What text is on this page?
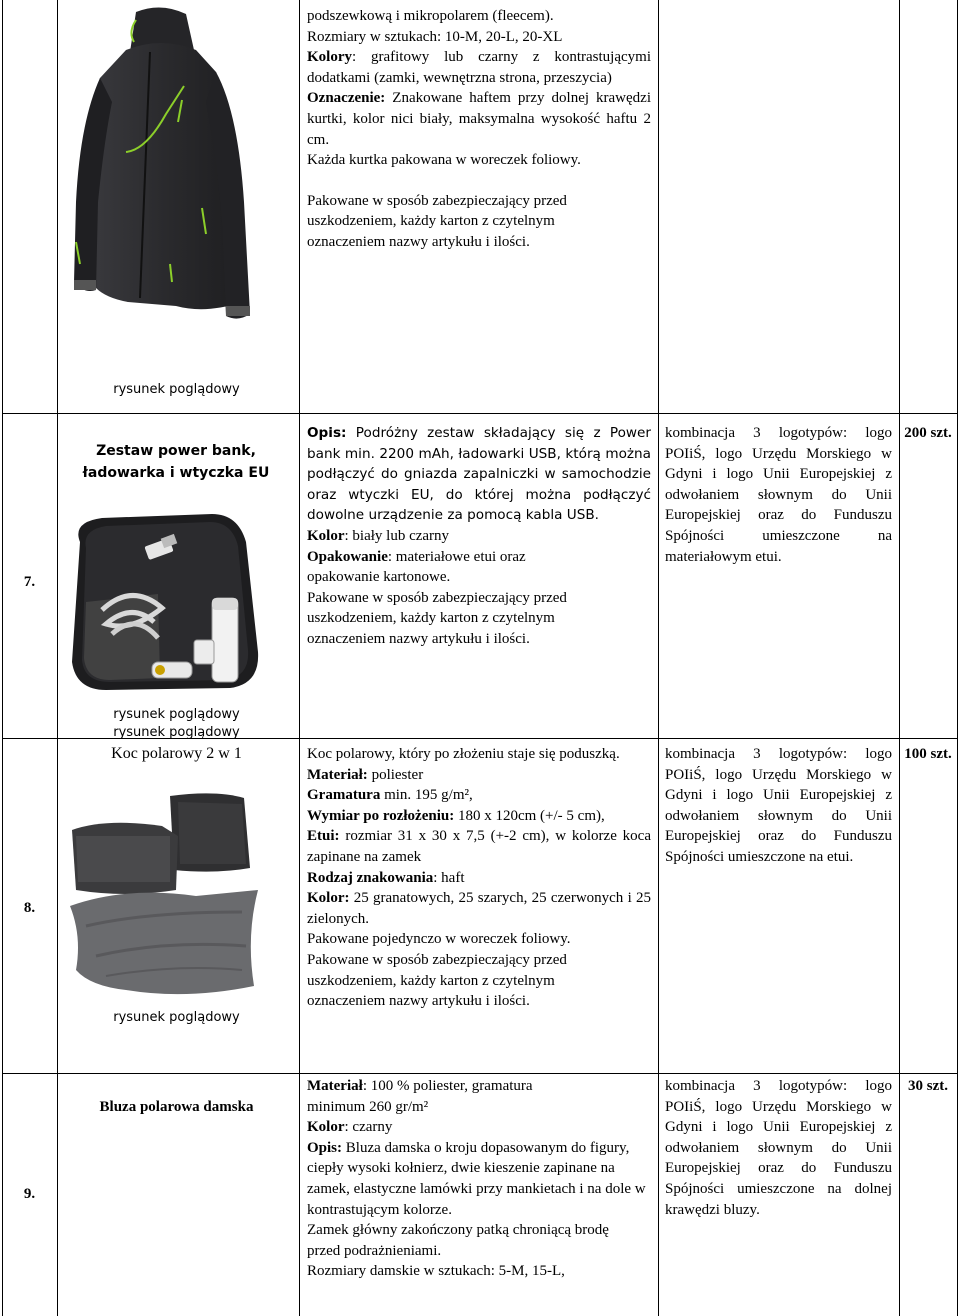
rysunek poglądowy

podszewkową i mikropolarem (fleecem).

Rozmiary w sztukach: 10-M, 20-L, 20-XL

Kolory: grafitowy lub czarny z kontrastującymi dodatkami (zamki, wewnętrzna strona, przeszycia)

Oznaczenie: Znakowane haftem przy dolnej krawędzi kurtki, kolor nici biały, maksymalna wysokość haftu 2 cm.

Każda kurtka pakowana w woreczek foliowy.

Pakowane w sposób zabezpieczający przed uszkodzeniem, każdy karton z czytelnym oznaczeniem nazwy artykułu i ilości.

7.
Zestaw power bank, ładowarka i wtyczka EU
rysunek poglądowy

Opis: Podróżny zestaw składający się z Power bank min. 2200 mAh, ładowarki USB, którą można podłączyć do gniazda zapalniczki w samochodzie oraz wtyczki EU, do której można podłączyć dowolne urządzenie za pomocą kabla USB.

Kolor: biały lub czarny

Opakowanie: materiałowe etui oraz opakowanie kartonowe.

Pakowane w sposób zabezpieczający przed uszkodzeniem, każdy karton z czytelnym oznaczeniem nazwy artykułu i ilości.

kombinacja 3 logotypów: logo POIiŚ, logo Urzędu Morskiego w Gdyni i logo Unii Europejskiej z odwołaniem słownym do Unii Europejskiej oraz do Funduszu Spójności umieszczone na materiałowym etui.
200 szt.
8.
rysunek poglądowy
Koc polarowy 2 w 1
rysunek poglądowy

Koc polarowy, który po złożeniu staje się poduszką.

Materiał: poliester

Gramatura min. 195 g/m²,

Wymiar po rozłożeniu: 180 x 120cm (+/- 5 cm),

Etui: rozmiar 31 x 30 x 7,5 (+-2 cm), w kolorze koca zapinane na zamek

Rodzaj znakowania: haft

Kolor: 25 granatowych, 25 szarych, 25 czerwonych i 25 zielonych.

Pakowane pojedynczo w woreczek foliowy.

Pakowane w sposób zabezpieczający przed uszkodzeniem, każdy karton z czytelnym oznaczeniem nazwy artykułu i ilości.

kombinacja 3 logotypów: logo POIiŚ, logo Urzędu Morskiego w Gdyni i logo Unii Europejskiej z odwołaniem słownym do Unii Europejskiej oraz do Funduszu Spójności umieszczone na etui.
100 szt.
9.
Bluza polarowa damska

Materiał: 100 % poliester, gramatura minimum 260 gr/m²

Kolor: czarny

Opis: Bluza damska o kroju dopasowanym do figury, ciepły wysoki kołnierz, dwie kieszenie zapinane na zamek, elastyczne lamówki przy mankietach i na dole w kontrastującym kolorze.

Zamek główny zakończony patką chroniącą brodę przed podrażnieniami.

Rozmiary damskie w sztukach: 5-M, 15-L,

kombinacja 3 logotypów: logo POIiŚ, logo Urzędu Morskiego w Gdyni i logo Unii Europejskiej z odwołaniem słownym do Unii Europejskiej oraz do Funduszu Spójności umieszczone na dolnej krawędzi bluzy.
30 szt.
